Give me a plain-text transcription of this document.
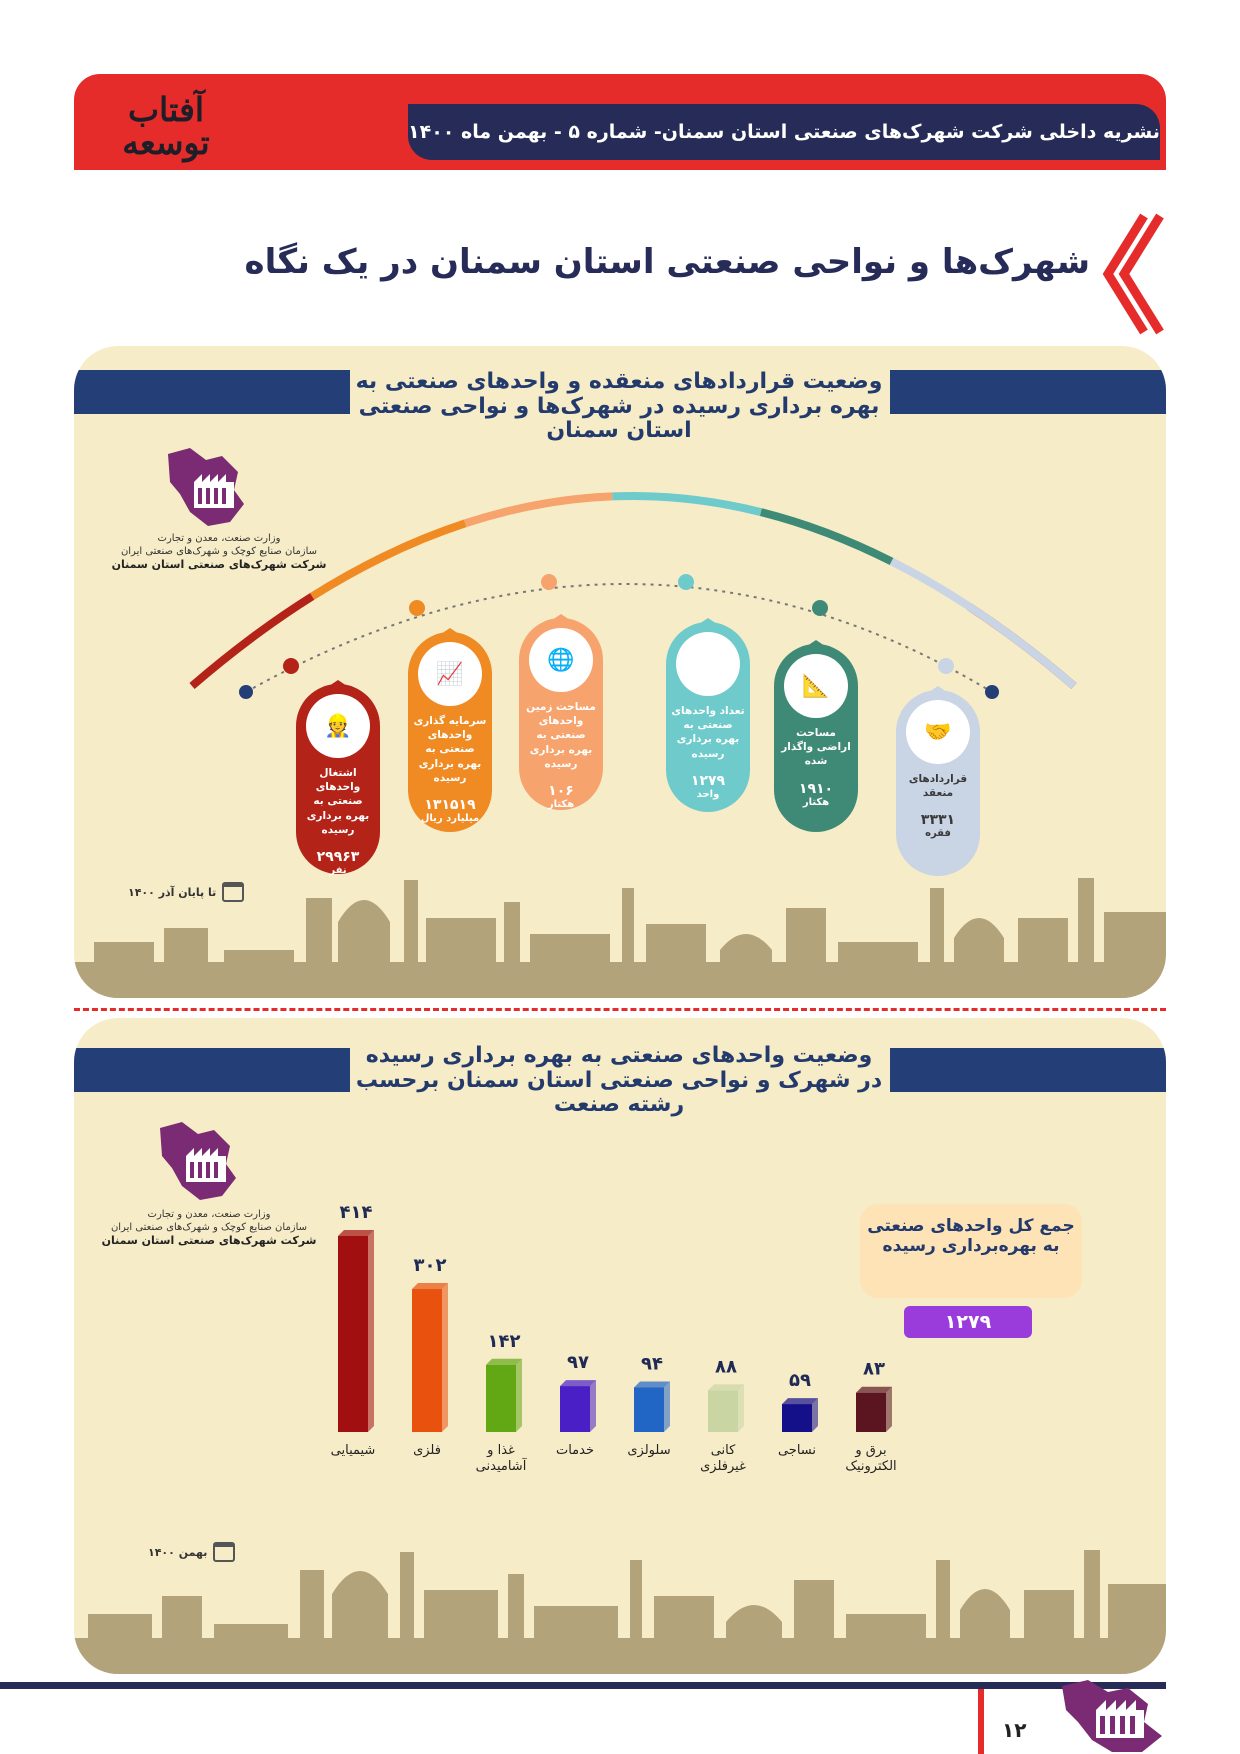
آفتاب
توسعه	نشریه داخلی شرکت شهرک‌های صنعتی استان سمنان- شماره ۵ - بهمن ماه ۱۴۰۰
شهرک‌ها و نواحی صنعتی استان سمنان در یک نگاه
وضعیت قراردادهای منعقده و واحدهای صنعتی به بهره برداری رسیده در شهرک‌ها و نواحی صنعتی استان سمنان
وزارت صنعت، معدن و تجارت
سازمان صنایع کوچک و شهرک‌های صنعتی ایران
شرکت شهرک‌های صنعتی استان سمنان
🤝
قراردادهای منعقد
۳۳۳۱
فقره
📐
مساحت اراضی واگذار شده
۱۹۱۰
هکتار
⚙
تعداد واحدهای صنعتی به بهره برداری رسیده
۱۲۷۹
واحد
🌐
مساحت زمین واحدهای صنعتی به بهره برداری رسیده
۱۰۶
هکتار
📈
سرمایه گذاری واحدهای صنعتی به بهره برداری رسیده
۱۳۱۵۱۹
میلیارد ریال
👷
اشتغال واحدهای صنعتی به بهره برداری رسیده
۲۹۹۶۳
نفر
تا پایان آذر ۱۴۰۰
وضعیت واحدهای صنعتی به بهره برداری رسیده در شهرک و نواحی صنعتی استان سمنان برحسب رشته صنعت
وزارت صنعت، معدن و تجارت
سازمان صنایع کوچک و شهرک‌های صنعتی ایران
شرکت شهرک‌های صنعتی استان سمنان
۴۱۴
شیمیایی
۳۰۲
فلزی
۱۴۲
غذا و آشامیدنی
۹۷
خدمات
۹۴
سلولزی
۸۸
کانی غیرفلزی
۵۹
نساجی
۸۳
برق و الکترونیک
جمع کل واحدهای صنعتی به بهره‌برداری رسیده
۱۲۷۹
بهمن ۱۴۰۰
۱۲
